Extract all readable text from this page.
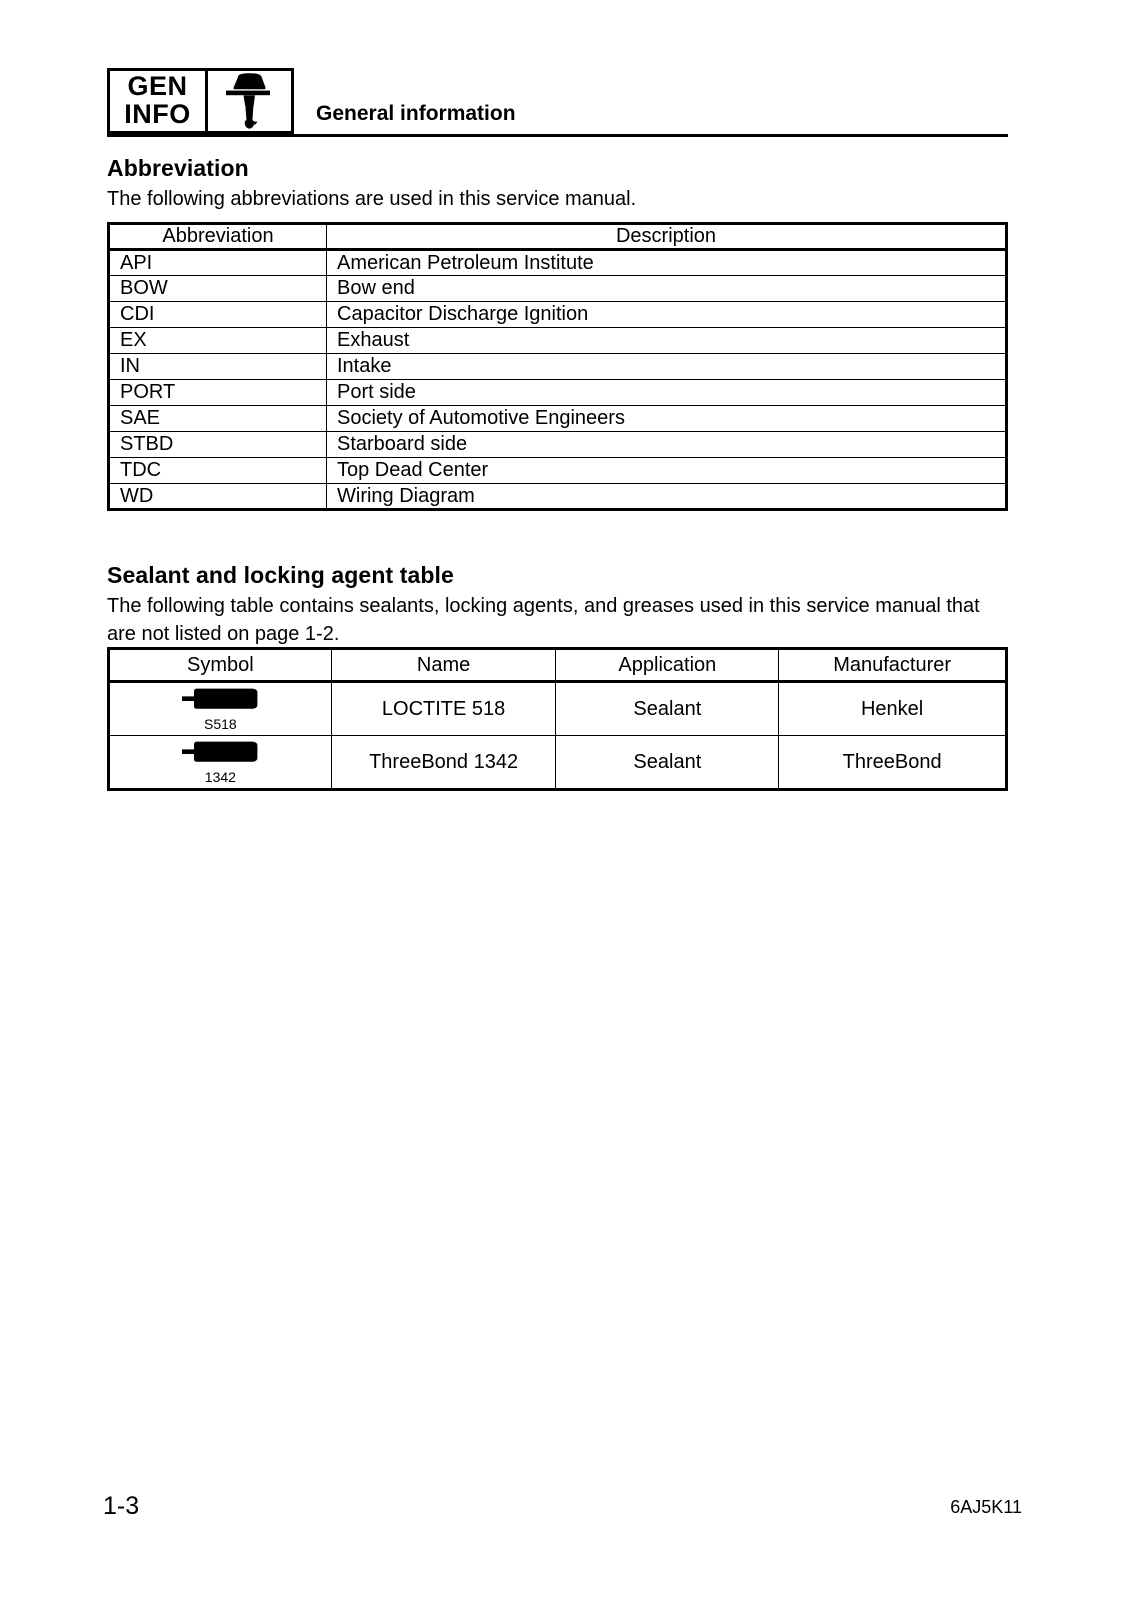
GEN
INFO	General information
Abbreviation
The following abbreviations are used in this service manual.
Abbreviation	Description
API	American Petroleum Institute
BOW	Bow end
CDI	Capacitor Discharge Ignition
EX	Exhaust
IN	Intake
PORT	Port side
SAE	Society of Automotive Engineers
STBD	Starboard side
TDC	Top Dead Center
WD	Wiring Diagram
Sealant and locking agent table
The following table contains sealants, locking agents, and greases used in this service manual that are not listed on page 1-2.
Symbol	Name	Application	Manufacturer

S518	LOCTITE 518	Sealant	Henkel

1342	ThreeBond 1342	Sealant	ThreeBond
1-3	6AJ5K11
